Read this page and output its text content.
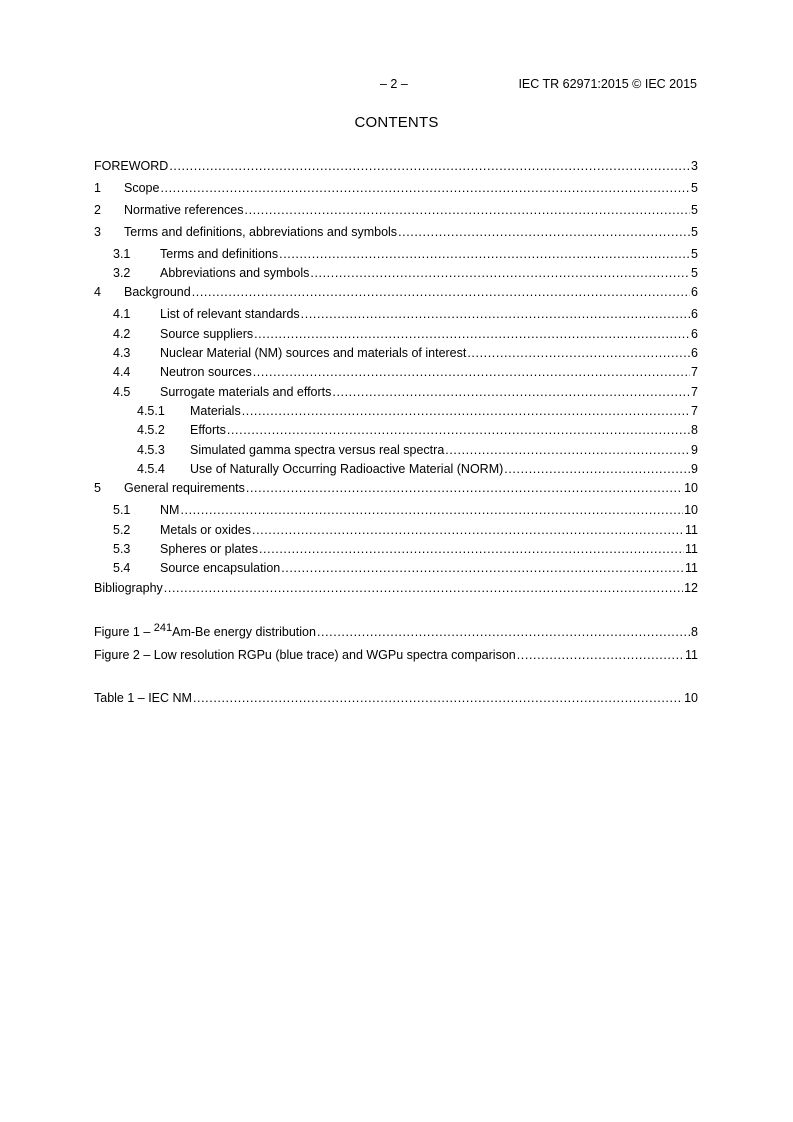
– 2 –	IEC TR 62971:2015 © IEC 2015
CONTENTS
FOREWORD .....	3
1	Scope .....	5
2	Normative references .....	5
3	Terms and definitions, abbreviations and symbols .....	5
3.1	Terms and definitions .....	5
3.2	Abbreviations and symbols .....	5
4	Background .....	6
4.1	List of relevant standards .....	6
4.2	Source suppliers .....	6
4.3	Nuclear Material (NM) sources and materials of interest .....	6
4.4	Neutron sources .....	7
4.5	Surrogate materials and efforts .....	7
4.5.1	Materials .....	7
4.5.2	Efforts .....	8
4.5.3	Simulated gamma spectra versus real spectra .....	9
4.5.4	Use of Naturally Occurring Radioactive Material (NORM) .....	9
5	General requirements .....	10
5.1	NM .....	10
5.2	Metals or oxides .....	11
5.3	Spheres or plates .....	11
5.4	Source encapsulation .....	11
Bibliography .....	12
Figure 1 – $^{241}$Am-Be energy distribution .....	8
Figure 2 – Low resolution RGPu (blue trace) and WGPu spectra comparison .....	11
Table 1 – IEC NM .....	10
